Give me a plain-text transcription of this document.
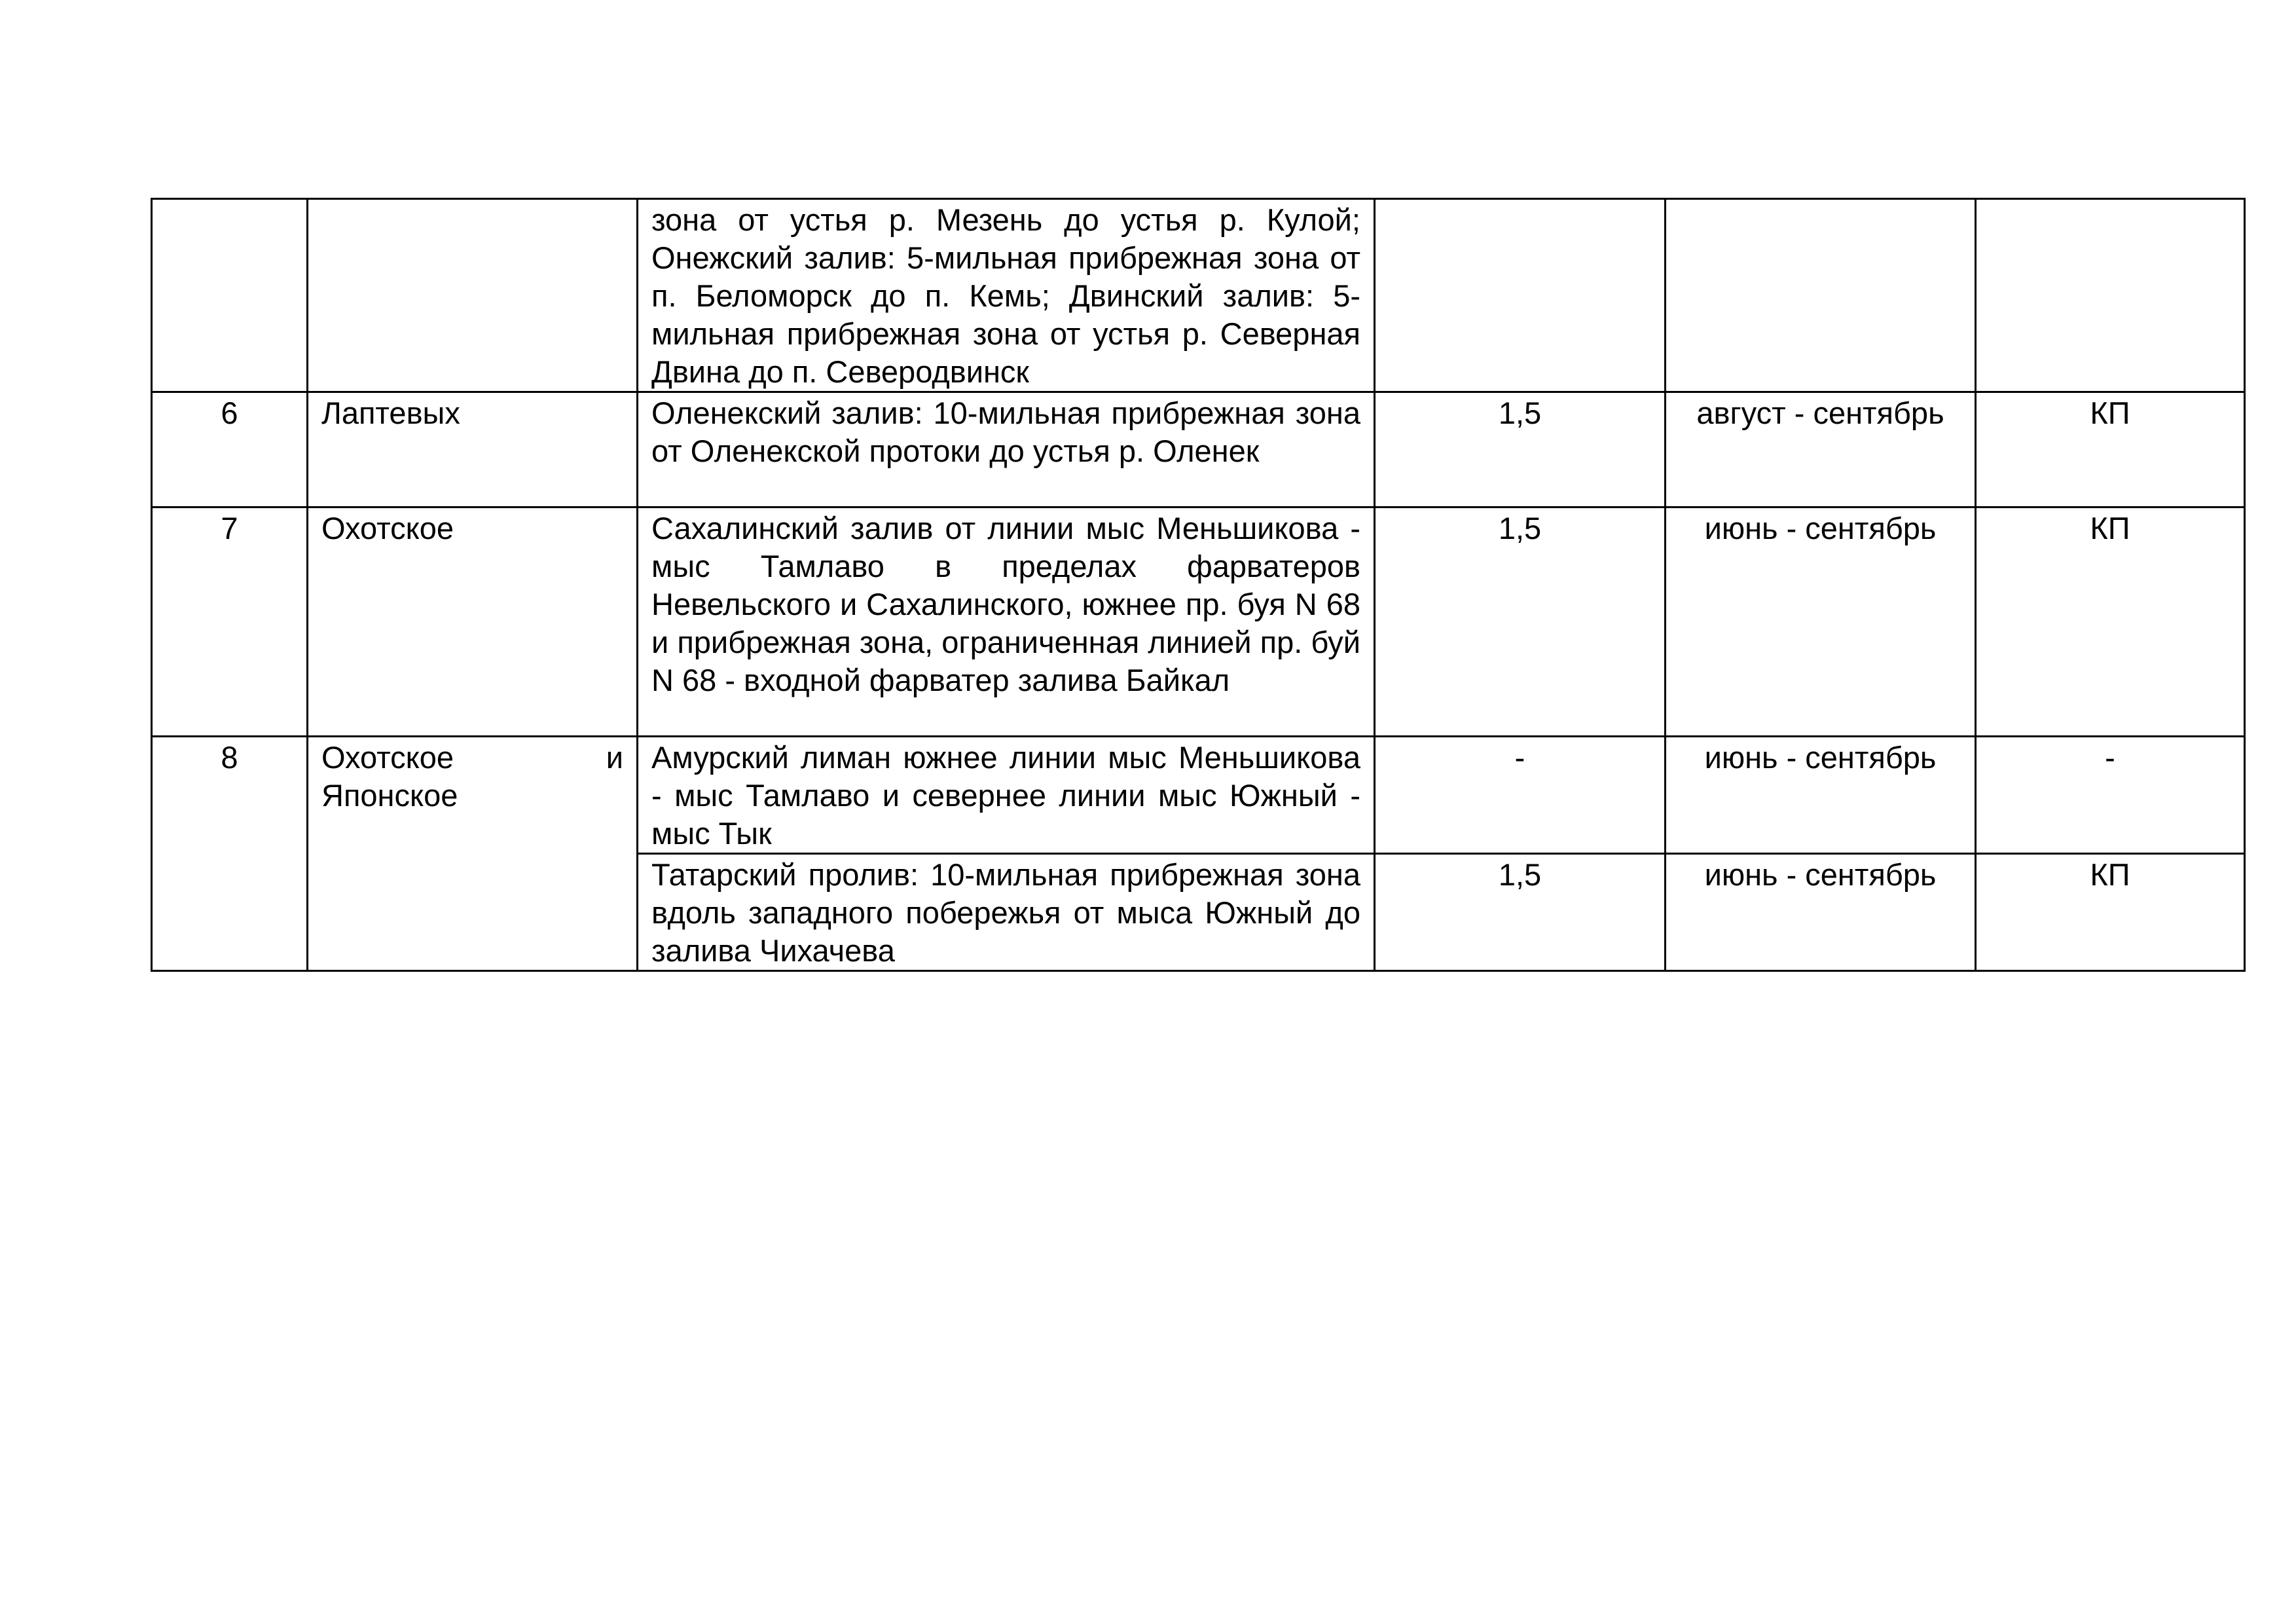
		зона от устья р. Мезень до устья р. Кулой; Онежский залив: 5-мильная прибрежная зона от п. Беломорск до п. Кемь; Двинский залив: 5-мильная прибрежная зона от устья р. Северная Двина до п. Северодвинск			
6	Лаптевых	Оленекский залив: 10-мильная прибрежная зона от Оленекской протоки до устья р. Оленек	1,5	август - сентябрь	КП
7	Охотское	Сахалинский залив от линии мыс Меньшикова - мыс Тамлаво в пределах фарватеров Невельского и Сахалинского, южнее пр. буя N 68 и прибрежная зона, ограниченная линией пр. буй N 68 - входной фарватер залива Байкал	1,5	июнь - сентябрь	КП
8	Охотское и Японское	Амурский лиман южнее линии мыс Меньшикова - мыс Тамлаво и севернее линии мыс Южный - мыс Тык	-	июнь - сентябрь	-
		Татарский пролив: 10-мильная прибрежная зона вдоль западного побережья от мыса Южный до залива Чихачева	1,5	июнь - сентябрь	КП
